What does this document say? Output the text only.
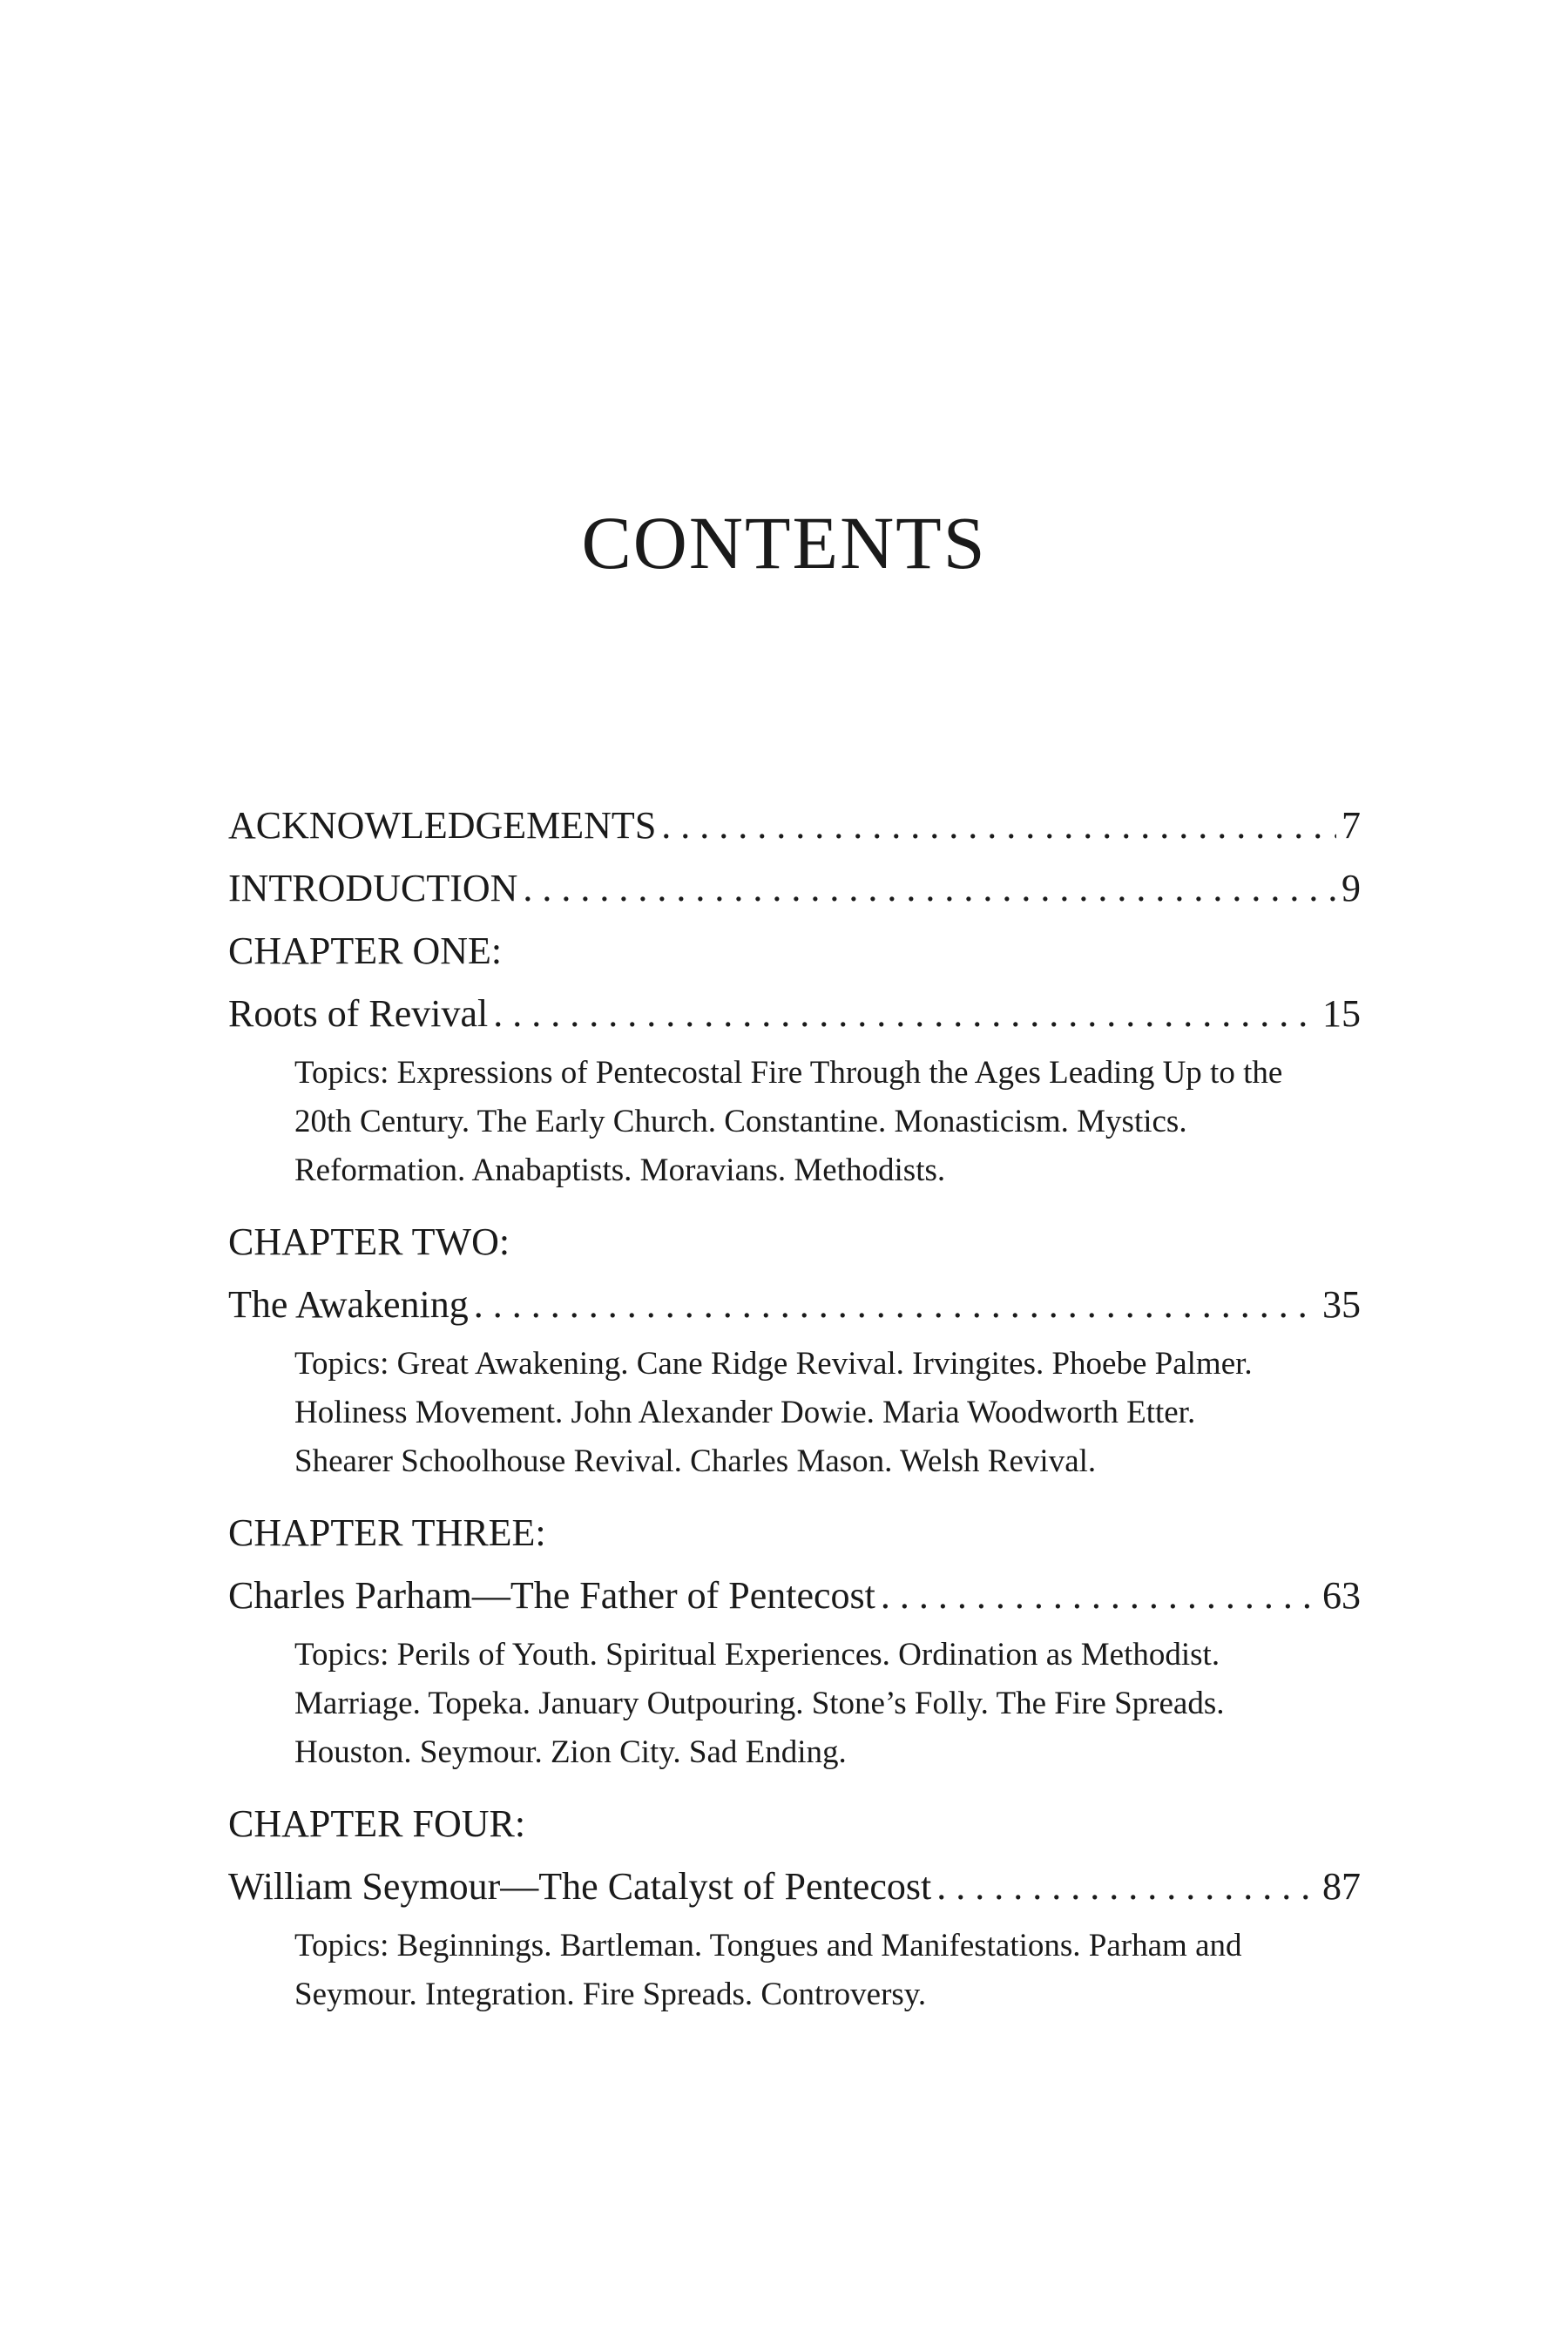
CONTENTS
ACKNOWLEDGEMENTS . . .	7
INTRODUCTION . . .	9
CHAPTER ONE:
Roots of Revival . . .	15
Topics: Expressions of Pentecostal Fire Through the Ages Leading Up to the 20th Century. The Early Church. Constantine. Monasticism. Mystics. Reformation. Anabaptists. Moravians. Methodists.
CHAPTER TWO:
The Awakening . . .	35
Topics: Great Awakening. Cane Ridge Revival. Irvingites. Phoebe Palmer. Holiness Movement. John Alexander Dowie. Maria Woodworth Etter. Shearer Schoolhouse Revival. Charles Mason. Welsh Revival.
CHAPTER THREE:
Charles Parham—The Father of Pentecost . . .	63
Topics: Perils of Youth. Spiritual Experiences. Ordination as Methodist. Marriage. Topeka. January Outpouring. Stone’s Folly. The Fire Spreads. Houston. Seymour. Zion City. Sad Ending.
CHAPTER FOUR:
William Seymour—The Catalyst of Pentecost . . .	87
Topics: Beginnings. Bartleman. Tongues and Manifestations. Parham and Seymour. Integration. Fire Spreads. Controversy.
